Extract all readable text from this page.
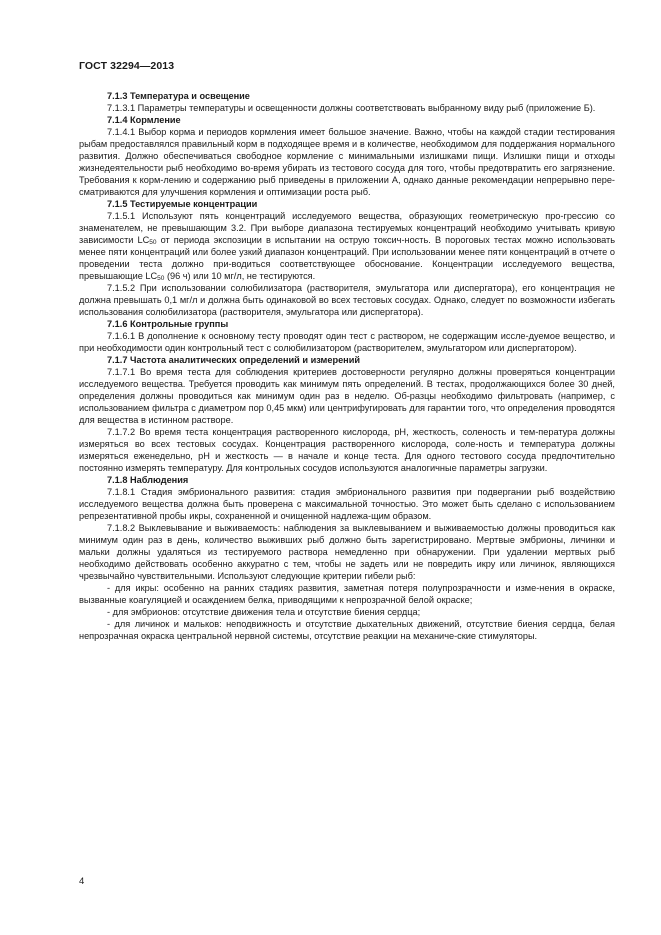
ГОСТ 32294—2013

7.1.3 Температура и освещение

7.1.3.1 Параметры температуры и освещенности должны соответствовать выбранному виду рыб (приложение Б).

7.1.4 Кормление

7.1.4.1 Выбор корма и периодов кормления имеет большое значение. Важно, чтобы на каждой стадии тестирования рыбам предоставлялся правильный корм в подходящее время и в количестве, необходимом для поддержания нормального развития. Должно обеспечиваться свободное кормление с минимальными излишками пищи. Излишки пищи и отходы жизнедеятельности рыб необходимо во-время убирать из тестового сосуда для того, чтобы предотвратить его загрязнение. Требования к корм-лению и содержанию рыб приведены в приложении А, однако данные рекомендации непрерывно пере-сматриваются для улучшения кормления и оптимизации роста рыб.

7.1.5 Тестируемые концентрации

7.1.5.1 Используют пять концентраций исследуемого вещества, образующих геометрическую про-грессию со знаменателем, не превышающим 3.2. При выборе диапазона тестируемых концентраций необходимо учитывать кривую зависимости $LC_{50}$ от периода экспозиции в испытании на острую токсич-ность. В пороговых тестах можно использовать менее пяти концентраций или более узкий диапазон концентраций. При использовании менее пяти концентраций в отчете о проведении теста должно при-водиться соответствующее обоснование. Концентрации исследуемого вещества, превышающие $LC_{50}$ (96 ч) или 10 мг/л, не тестируются.

7.1.5.2 При использовании солюбилизатора (растворителя, эмульгатора или диспергатора), его концентрация не должна превышать 0,1 мг/л и должна быть одинаковой во всех тестовых сосудах. Однако, следует по возможности избегать использования солюбилизатора (растворителя, эмульгатора или диспергатора).

7.1.6 Контрольные группы

7.1.6.1 В дополнение к основному тесту проводят один тест с раствором, не содержащим иссле-дуемое вещество, и при необходимости один контрольный тест с солюбилизатором (растворителем, эмульгатором или диспергатором).

7.1.7 Частота аналитических определений и измерений

7.1.7.1 Во время теста для соблюдения критериев достоверности регулярно должны проверяться концентрации исследуемого вещества. Требуется проводить как минимум пять определений. В тестах, продолжающихся более 30 дней, определения должны проводиться как минимум один раз в неделю. Об-разцы необходимо фильтровать (например, с использованием фильтра с диаметром пор 0,45 мкм) или центрифугировать для гарантии того, что определения проводятся для вещества в истинном растворе.

7.1.7.2 Во время теста концентрация растворенного кислорода, pH, жесткость, соленость и тем-пература должны измеряться во всех тестовых сосудах. Концентрация растворенного кислорода, соле-ность и температура должны измеряться еженедельно, pH и жесткость — в начале и конце теста. Для одного тестового сосуда предпочтительно постоянно измерять температуру. Для контрольных сосудов используются аналогичные параметры загрузки.

7.1.8 Наблюдения

7.1.8.1 Стадия эмбрионального развития: стадия эмбрионального развития при подвергании рыб воздействию исследуемого вещества должна быть проверена с максимальной точностью. Это может быть сделано с использованием репрезентативной пробы икры, сохраненной и очищенной надлежа-щим образом.

7.1.8.2 Выклевывание и выживаемость: наблюдения за выклевыванием и выживаемостью должны проводиться как минимум один раз в день, количество выживших рыб должно быть зарегистрировано. Мертвые эмбрионы, личинки и мальки должны удаляться из тестируемого раствора немедленно при обнаружении. При удалении мертвых рыб необходимо действовать особенно аккуратно с тем, чтобы не задеть или не повредить икру или личинок, являющихся чрезвычайно чувствительными. Используют следующие критерии гибели рыб:

- для икры: особенно на ранних стадиях развития, заметная потеря полупрозрачности и изме-нения в окраске, вызванные коагуляцией и осаждением белка, приводящими к непрозрачной белой окраске;

- для эмбрионов: отсутствие движения тела и отсутствие биения сердца;

- для личинок и мальков: неподвижность и отсутствие дыхательных движений, отсутствие биения сердца, белая непрозрачная окраска центральной нервной системы, отсутствие реакции на механиче-ские стимуляторы.

4
